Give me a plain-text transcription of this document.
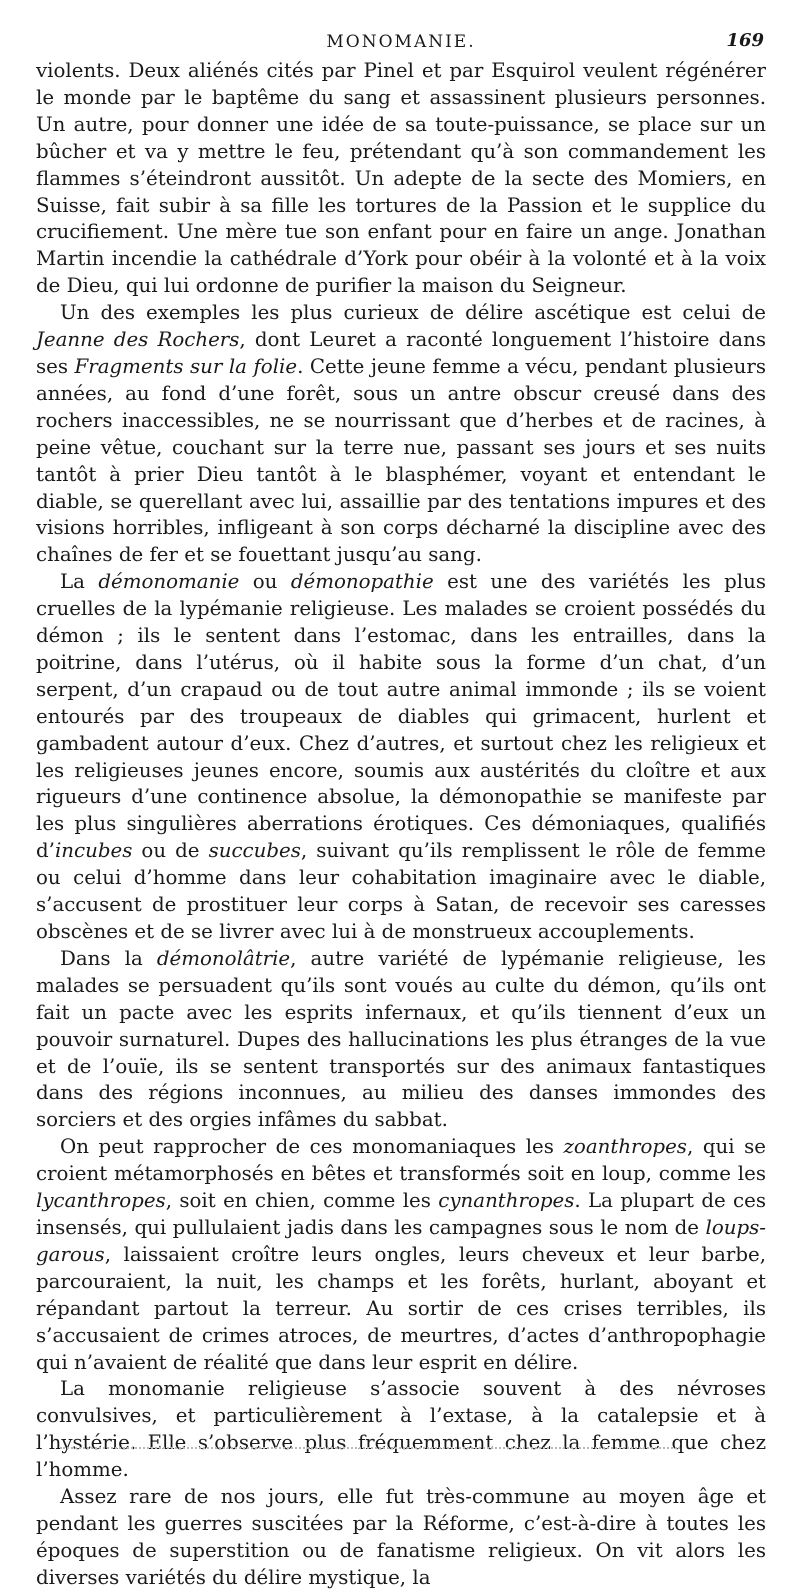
MONOMANIE.	169

violents. Deux aliénés cités par Pinel et par Esquirol veulent régénérer le monde par le baptême du sang et assassinent plusieurs personnes. Un autre, pour donner une idée de sa toute-puissance, se place sur un bûcher et va y mettre le feu, prétendant qu’à son commandement les flammes s’éteindront aussitôt. Un adepte de la secte des Momiers, en Suisse, fait subir à sa fille les tortures de la Passion et le supplice du crucifiement. Une mère tue son enfant pour en faire un ange. Jonathan Martin incendie la cathédrale d’York pour obéir à la volonté et à la voix de Dieu, qui lui ordonne de purifier la maison du Seigneur.

Un des exemples les plus curieux de délire ascétique est celui de Jeanne des Rochers, dont Leuret a raconté longuement l’histoire dans ses Fragments sur la folie. Cette jeune femme a vécu, pendant plusieurs années, au fond d’une forêt, sous un antre obscur creusé dans des rochers inaccessibles, ne se nourrissant que d’herbes et de racines, à peine vêtue, couchant sur la terre nue, passant ses jours et ses nuits tantôt à prier Dieu tantôt à le blasphémer, voyant et entendant le diable, se querellant avec lui, assaillie par des tentations impures et des visions horribles, infligeant à son corps décharné la discipline avec des chaînes de fer et se fouettant jusqu’au sang.

La démonomanie ou démonopathie est une des variétés les plus cruelles de la lypémanie religieuse. Les malades se croient possédés du démon ; ils le sentent dans l’estomac, dans les entrailles, dans la poitrine, dans l’utérus, où il habite sous la forme d’un chat, d’un serpent, d’un crapaud ou de tout autre animal immonde ; ils se voient entourés par des troupeaux de diables qui grimacent, hurlent et gambadent autour d’eux. Chez d’autres, et surtout chez les religieux et les religieuses jeunes encore, soumis aux austérités du cloître et aux rigueurs d’une continence absolue, la démonopathie se manifeste par les plus singulières aberrations érotiques. Ces démoniaques, qualifiés d’incubes ou de succubes, suivant qu’ils remplissent le rôle de femme ou celui d’homme dans leur cohabitation imaginaire avec le diable, s’accusent de prostituer leur corps à Satan, de recevoir ses caresses obscènes et de se livrer avec lui à de monstrueux accouplements.

Dans la démonolâtrie, autre variété de lypémanie religieuse, les malades se persuadent qu’ils sont voués au culte du démon, qu’ils ont fait un pacte avec les esprits infernaux, et qu’ils tiennent d’eux un pouvoir surnaturel. Dupes des hallucinations les plus étranges de la vue et de l’ouïe, ils se sentent transportés sur des animaux fantastiques dans des régions inconnues, au milieu des danses immondes des sorciers et des orgies infâmes du sabbat.

On peut rapprocher de ces monomaniaques les zoanthropes, qui se croient métamorphosés en bêtes et transformés soit en loup, comme les lycanthropes, soit en chien, comme les cynanthropes. La plupart de ces insensés, qui pullulaient jadis dans les campagnes sous le nom de loups-garous, laissaient croître leurs ongles, leurs cheveux et leur barbe, parcouraient, la nuit, les champs et les forêts, hurlant, aboyant et répandant partout la terreur. Au sortir de ces crises terribles, ils s’accusaient de crimes atroces, de meurtres, d’actes d’anthropophagie qui n’avaient de réalité que dans leur esprit en délire.

La monomanie religieuse s’associe souvent à des névroses convulsives, et particulièrement à l’extase, à la catalepsie et à l’hystérie. Elle s’observe plus fréquemment chez la femme que chez l’homme.

Assez rare de nos jours, elle fut très-commune au moyen âge et pendant les guerres suscitées par la Réforme, c’est-à-dire à toutes les époques de superstition ou de fanatisme religieux. On vit alors les diverses variétés du délire mystique, la
